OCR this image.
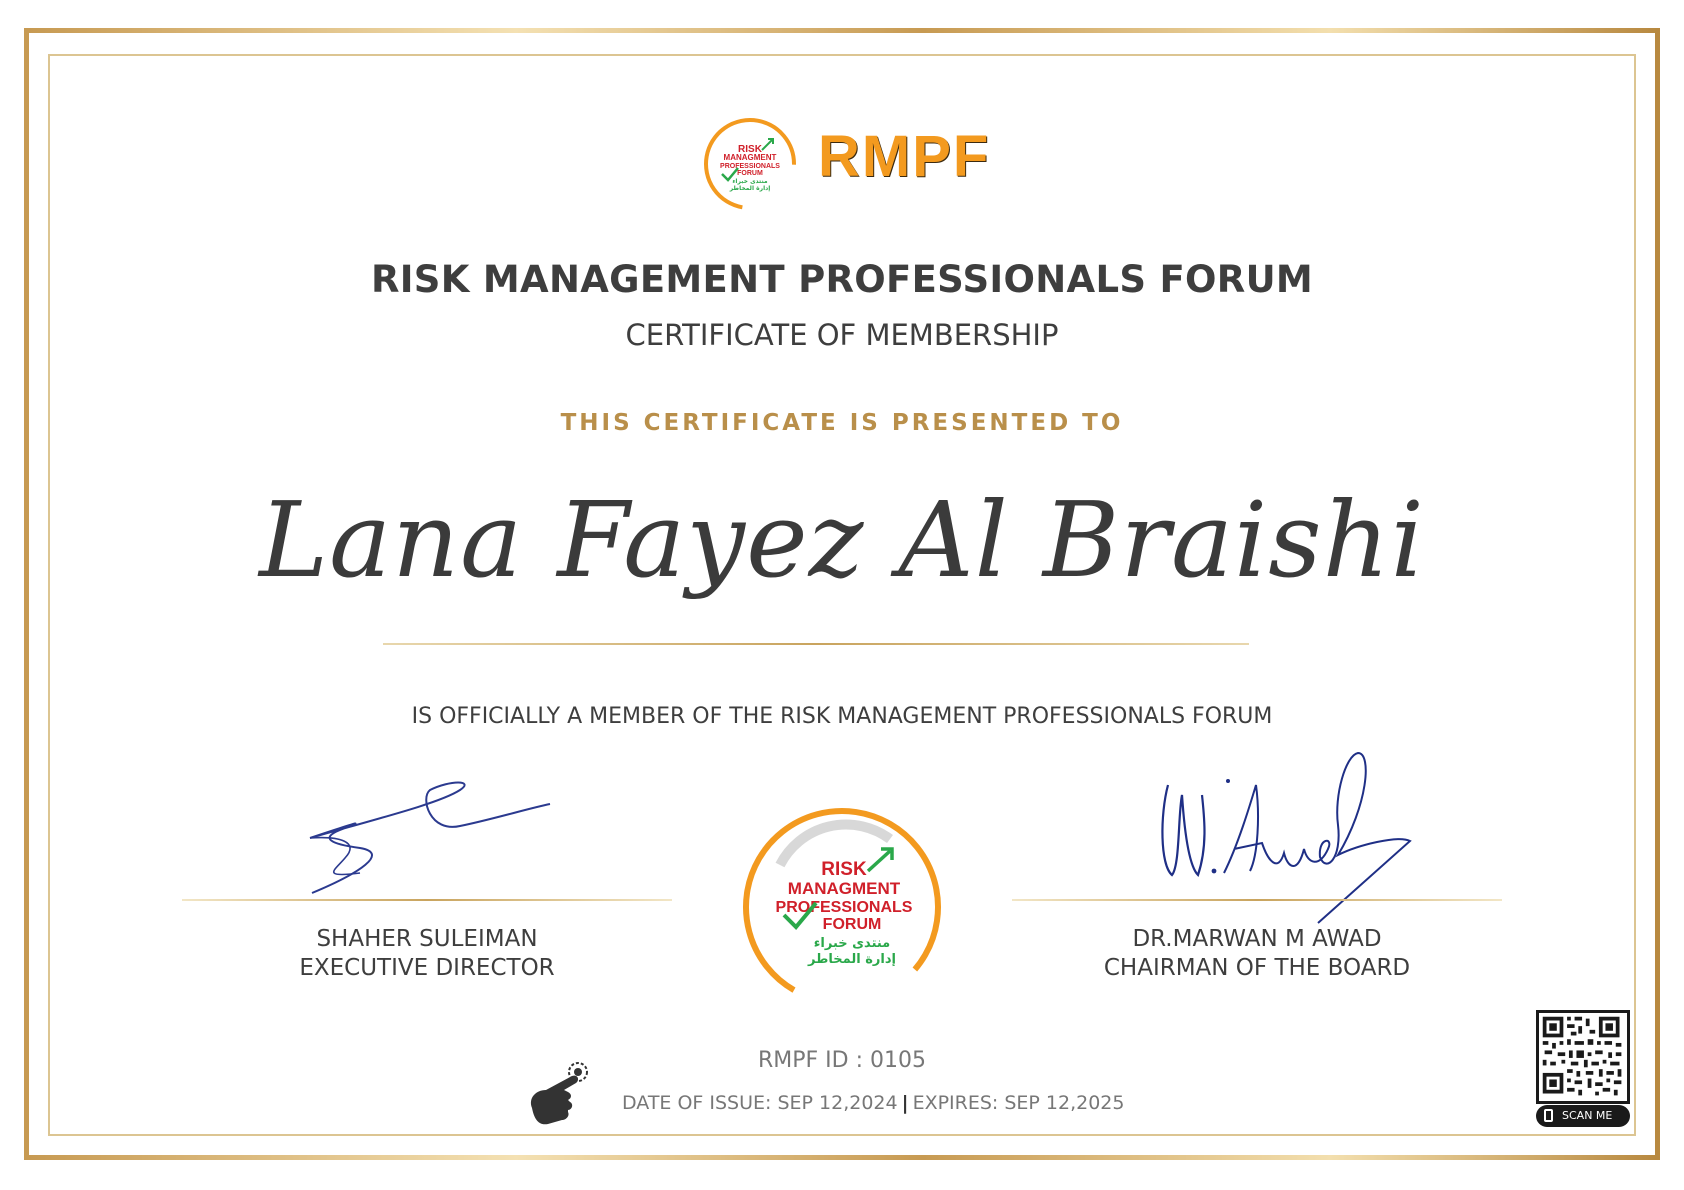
RISK
MANAGMENT
PROFESSIONALS
FORUM
منتدى خبراء
إدارة المخاطر RMPF
RISK MANAGEMENT PROFESSIONALS FORUM
CERTIFICATE OF MEMBERSHIP
THIS CERTIFICATE IS PRESENTED TO
Lana Fayez Al Braishi
IS OFFICIALLY A MEMBER OF THE RISK MANAGEMENT PROFESSIONALS FORUM
SHAHER SULEIMAN
EXECUTIVE DIRECTOR
DR.MARWAN M AWAD
CHAIRMAN OF THE BOARD
RISK
MANAGMENT
PROFESSIONALS
FORUM
منتدى خبراء
إدارة المخاطر
RMPF ID : 0105
DATE OF ISSUE: SEP 12,2024 | EXPIRES: SEP 12,2025
SCAN ME
